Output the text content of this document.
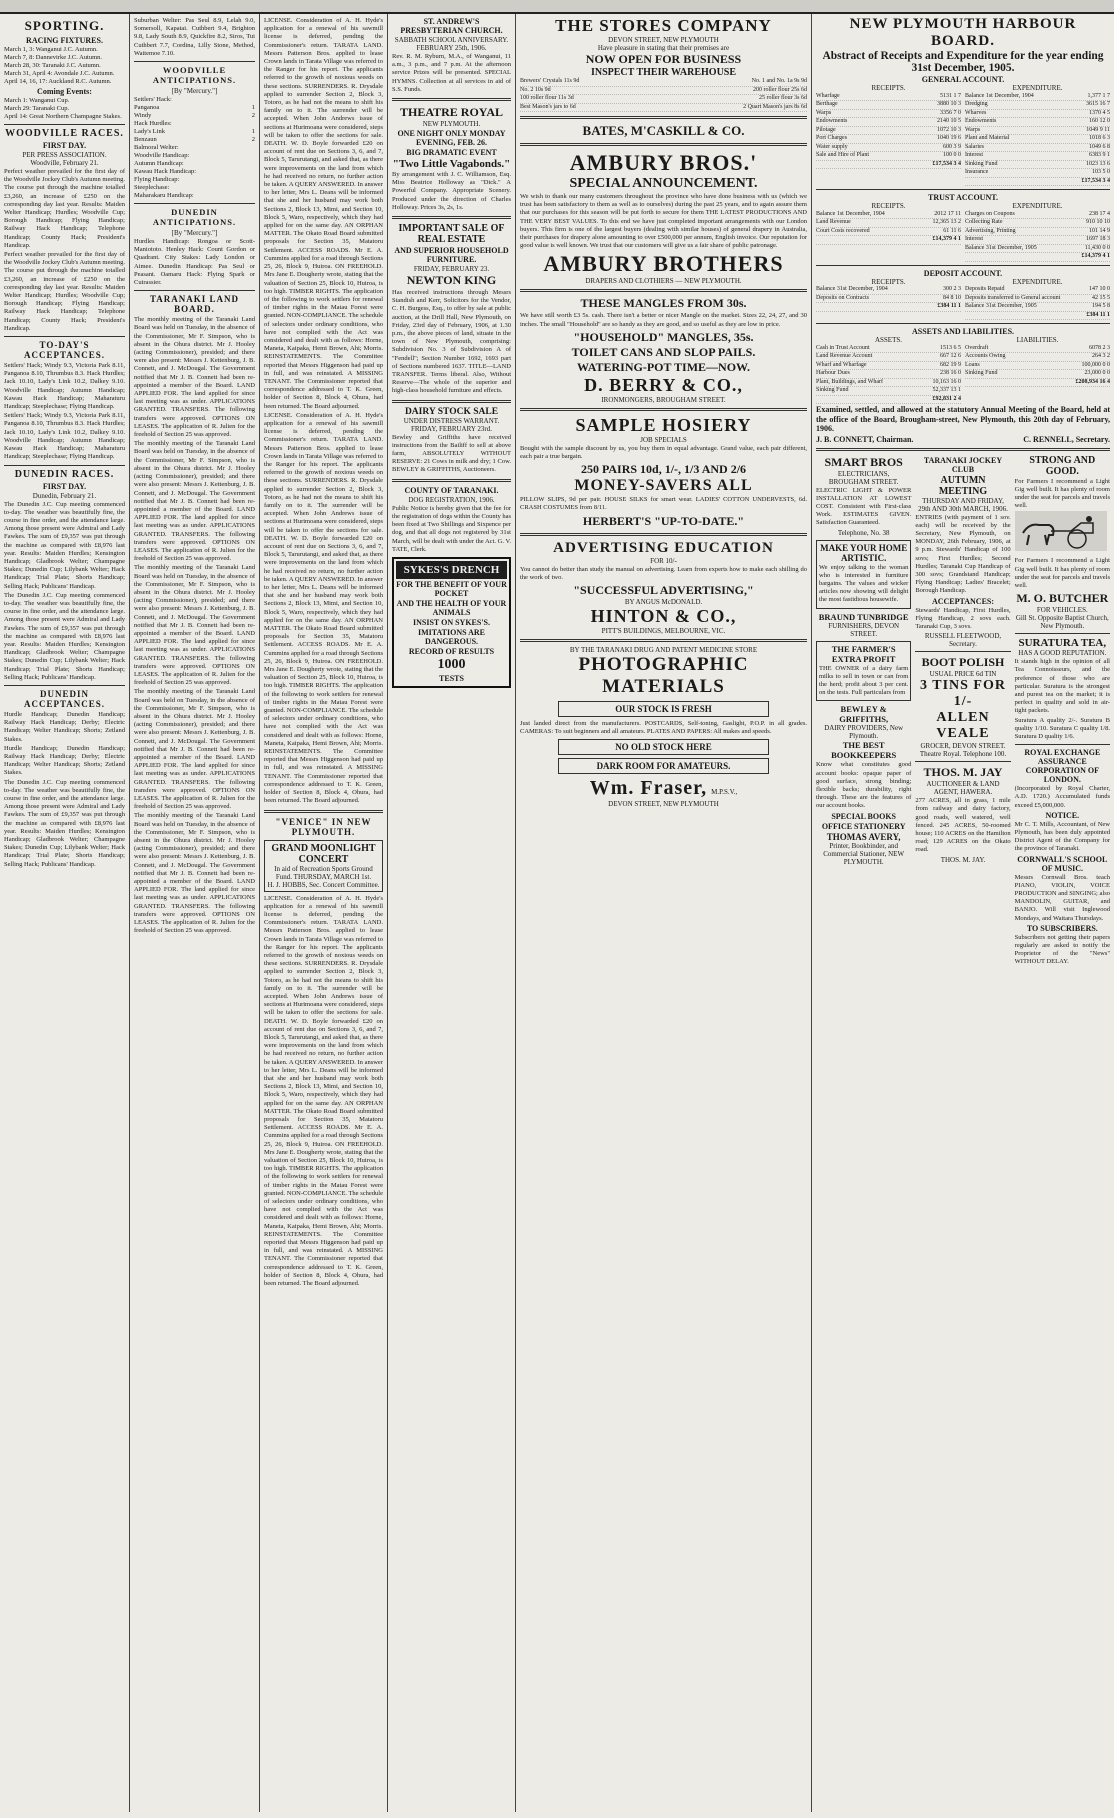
SPORTING.
RACING FIXTURES.
March 1, 3: Wanganui J.C. Autumn.
March 7, 8: Dannevirke J.C. Autumn.
March 28, 30: Taranaki J.C. Autumn.
March 31, April 4: Avondale J.C. Autumn.
April 14, 16, 17: Auckland R.C. Autumn.
Coming Events:
March 1: Wanganui Cup.
March 29: Taranaki Cup.
April 14: Great Northern Champagne Stakes.
WOODVILLE RACES.
FIRST DAY.
PER PRESS ASSOCIATION.
Woodville, February 21.

Perfect weather prevailed for the first day of the Woodville Jockey Club's Autumn meeting. The course put through the machine totalled £3,260, an increase of £250 on the corresponding day last year. Results: Maiden Welter Handicap; Hurdles; Woodville Cup; Borough Handicap; Flying Handicap; Railway Hack Handicap; Telephone Handicap; County Hack; President's Handicap.

Perfect weather prevailed for the first day of the Woodville Jockey Club's Autumn meeting. The course put through the machine totalled £3,260, an increase of £250 on the corresponding day last year. Results: Maiden Welter Handicap; Hurdles; Woodville Cup; Borough Handicap; Flying Handicap; Railway Hack Handicap; Telephone Handicap; County Hack; President's Handicap.

TO-DAY'S ACCEPTANCES.

Settlers' Hack; Windy 9.3, Victoria Park 8.11, Panganoa 8.10, Thrumbus 8.3. Hack Hurdles; Jack 10.10, Lady's Link 10.2, Dalkey 9.10. Woodville Handicap; Autumn Handicap; Kawau Hack Handicap; Maharaturu Handicap; Steeplechase; Flying Handicap.

Settlers' Hack; Windy 9.3, Victoria Park 8.11, Panganoa 8.10, Thrumbus 8.3. Hack Hurdles; Jack 10.10, Lady's Link 10.2, Dalkey 9.10. Woodville Handicap; Autumn Handicap; Kawau Hack Handicap; Maharaturu Handicap; Steeplechase; Flying Handicap.

DUNEDIN RACES.
FIRST DAY.
Dunedin, February 21.

The Dunedin J.C. Cup meeting commenced to-day. The weather was beautifully fine, the course in fine order, and the attendance large. Among those present were Admiral and Lady Fawkes. The sum of £9,357 was put through the machine as compared with £8,976 last year. Results: Maiden Hurdles; Kensington Handicap; Gladbrook Welter; Champagne Stakes; Dunedin Cup; Lilybank Welter; Hack Handicap; Trial Plate; Shorts Handicap; Selling Hack; Publicans' Handicap.

The Dunedin J.C. Cup meeting commenced to-day. The weather was beautifully fine, the course in fine order, and the attendance large. Among those present were Admiral and Lady Fawkes. The sum of £9,357 was put through the machine as compared with £8,976 last year. Results: Maiden Hurdles; Kensington Handicap; Gladbrook Welter; Champagne Stakes; Dunedin Cup; Lilybank Welter; Hack Handicap; Trial Plate; Shorts Handicap; Selling Hack; Publicans' Handicap.

DUNEDIN ACCEPTANCES.

Hurdle Handicap; Dunedin Handicap; Railway Hack Handicap; Derby; Electric Handicap; Welter Handicap; Shorts; Zetland Stakes.

Hurdle Handicap; Dunedin Handicap; Railway Hack Handicap; Derby; Electric Handicap; Welter Handicap; Shorts; Zetland Stakes.

The Dunedin J.C. Cup meeting commenced to-day. The weather was beautifully fine, the course in fine order, and the attendance large. Among those present were Admiral and Lady Fawkes. The sum of £9,357 was put through the machine as compared with £8,976 last year. Results: Maiden Hurdles; Kensington Handicap; Gladbrook Welter; Champagne Stakes; Dunedin Cup; Lilybank Welter; Hack Handicap; Trial Plate; Shorts Handicap; Selling Hack; Publicans' Handicap.

Suburban Welter: Pas Seul 8.9, Lelah 9.0, Somersoll, Kapatai. Cuthbert 9.4, Brighton 9.8, Lady South 8.9, Quickfire 8.2, Siros, Tui Cuthbert 7.7, Cordina, Lilly Stone, Method, Waitemoe 7.10.

WOODVILLE ANTICIPATIONS.
[By "Mercury."]
Settlers' Hack:
Panganoa	1
Windy	2
Hack Hurdles:
Lady's Link	1
Benzaun	2
Balmoral Welter:
Woodville Handicap:
Autumn Handicap:
Kawau Hack Handicap:
Flying Handicap:
Steeplechase:
Maharakaru Handicap:
DUNEDIN ANTICIPATIONS.
[By "Mercury."]

Hurdles Handicap: Rongoa or Scott-Maniototo. Henley Hack: Count Gordon or Quadrant. City Stakes: Lady London or Aimee. Dunedin Handicap: Pas Seul or Peasant. Oamaru Hack: Flying Spark or Cuirassier.

TARANAKI LAND BOARD.

The monthly meeting of the Taranaki Land Board was held on Tuesday, in the absence of the Commissioner, Mr F. Simpson, who is absent in the Ohura district. Mr J. Hooley (acting Commissioner), presided; and there were also present: Messrs J. Kettenburg, J. B. Connett, and J. McDougal. The Government notified that Mr J. B. Connett had been re-appointed a member of the Board. LAND APPLIED FOR. The land applied for since last meeting was as under. APPLICATIONS GRANTED. TRANSFERS. The following transfers were approved. OPTIONS ON LEASES. The application of R. Julien for the freehold of Section 25 was approved.

The monthly meeting of the Taranaki Land Board was held on Tuesday, in the absence of the Commissioner, Mr F. Simpson, who is absent in the Ohura district. Mr J. Hooley (acting Commissioner), presided; and there were also present: Messrs J. Kettenburg, J. B. Connett, and J. McDougal. The Government notified that Mr J. B. Connett had been re-appointed a member of the Board. LAND APPLIED FOR. The land applied for since last meeting was as under. APPLICATIONS GRANTED. TRANSFERS. The following transfers were approved. OPTIONS ON LEASES. The application of R. Julien for the freehold of Section 25 was approved.

The monthly meeting of the Taranaki Land Board was held on Tuesday, in the absence of the Commissioner, Mr F. Simpson, who is absent in the Ohura district. Mr J. Hooley (acting Commissioner), presided; and there were also present: Messrs J. Kettenburg, J. B. Connett, and J. McDougal. The Government notified that Mr J. B. Connett had been re-appointed a member of the Board. LAND APPLIED FOR. The land applied for since last meeting was as under. APPLICATIONS GRANTED. TRANSFERS. The following transfers were approved. OPTIONS ON LEASES. The application of R. Julien for the freehold of Section 25 was approved.

The monthly meeting of the Taranaki Land Board was held on Tuesday, in the absence of the Commissioner, Mr F. Simpson, who is absent in the Ohura district. Mr J. Hooley (acting Commissioner), presided; and there were also present: Messrs J. Kettenburg, J. B. Connett, and J. McDougal. The Government notified that Mr J. B. Connett had been re-appointed a member of the Board. LAND APPLIED FOR. The land applied for since last meeting was as under. APPLICATIONS GRANTED. TRANSFERS. The following transfers were approved. OPTIONS ON LEASES. The application of R. Julien for the freehold of Section 25 was approved.

The monthly meeting of the Taranaki Land Board was held on Tuesday, in the absence of the Commissioner, Mr F. Simpson, who is absent in the Ohura district. Mr J. Hooley (acting Commissioner), presided; and there were also present: Messrs J. Kettenburg, J. B. Connett, and J. McDougal. The Government notified that Mr J. B. Connett had been re-appointed a member of the Board. LAND APPLIED FOR. The land applied for since last meeting was as under. APPLICATIONS GRANTED. TRANSFERS. The following transfers were approved. OPTIONS ON LEASES. The application of R. Julien for the freehold of Section 25 was approved.

LICENSE. Consideration of A. H. Hyde's application for a renewal of his sawmill license is deferred, pending the Commissioner's return. TARATA LAND. Messrs Patterson Bros. applied to lease Crown lands in Tarata Village was referred to the Ranger for his report. The applicants referred to the growth of noxious weeds on these sections. SURRENDERS. R. Drysdale applied to surrender Section 2, Block 3, Totoro, as he had not the means to shift his family on to it. The surrender will be accepted. When John Andrews issue of sections at Hurimoana were considered, steps will be taken to offer the sections for sale. DEATH. W. D. Boyle forwarded £20 on account of rent due on Sections 3, 6, and 7, Block 5, Tarurutangi, and asked that, as there were improvements on the land from which he had received no return, no further action be taken. A QUERY ANSWERED. In answer to her letter, Mrs L. Deans will be informed that she and her husband may work both Sections 2, Block 13, Mimi, and Section 10, Block 5, Waro, respectively, which they had applied for on the same day. AN ORPHAN MATTER. The Okato Road Board submitted proposals for Section 35, Matatoru Settlement. ACCESS ROADS. Mr E. A. Cummins applied for a road through Sections 25, 26, Block 9, Huiroa. ON FREEHOLD. Mrs Jane E. Dougherty wrote, stating that the valuation of Section 25, Block 10, Huiroa, is too high. TIMBER RIGHTS. The application of the following to work settlers for renewal of timber rights in the Matau Forest were granted. NON-COMPLIANCE. The schedule of selectors under ordinary conditions, who have not complied with the Act was considered and dealt with as follows: Horne, Maneta, Kaipaka, Hemi Brown, Ahi; Morris. REINSTATEMENTS. The Committee reported that Messrs Higgenson had paid up in full, and was reinstated. A MISSING TENANT. The Commissioner reported that correspondence addressed to T. K. Green, holder of Section 8, Block 4, Ohura, had been returned. The Board adjourned.

LICENSE. Consideration of A. H. Hyde's application for a renewal of his sawmill license is deferred, pending the Commissioner's return. TARATA LAND. Messrs Patterson Bros. applied to lease Crown lands in Tarata Village was referred to the Ranger for his report. The applicants referred to the growth of noxious weeds on these sections. SURRENDERS. R. Drysdale applied to surrender Section 2, Block 3, Totoro, as he had not the means to shift his family on to it. The surrender will be accepted. When John Andrews issue of sections at Hurimoana were considered, steps will be taken to offer the sections for sale. DEATH. W. D. Boyle forwarded £20 on account of rent due on Sections 3, 6, and 7, Block 5, Tarurutangi, and asked that, as there were improvements on the land from which he had received no return, no further action be taken. A QUERY ANSWERED. In answer to her letter, Mrs L. Deans will be informed that she and her husband may work both Sections 2, Block 13, Mimi, and Section 10, Block 5, Waro, respectively, which they had applied for on the same day. AN ORPHAN MATTER. The Okato Road Board submitted proposals for Section 35, Matatoru Settlement. ACCESS ROADS. Mr E. A. Cummins applied for a road through Sections 25, 26, Block 9, Huiroa. ON FREEHOLD. Mrs Jane E. Dougherty wrote, stating that the valuation of Section 25, Block 10, Huiroa, is too high. TIMBER RIGHTS. The application of the following to work settlers for renewal of timber rights in the Matau Forest were granted. NON-COMPLIANCE. The schedule of selectors under ordinary conditions, who have not complied with the Act was considered and dealt with as follows: Horne, Maneta, Kaipaka, Hemi Brown, Ahi; Morris. REINSTATEMENTS. The Committee reported that Messrs Higgenson had paid up in full, and was reinstated. A MISSING TENANT. The Commissioner reported that correspondence addressed to T. K. Green, holder of Section 8, Block 4, Ohura, had been returned. The Board adjourned.

"VENICE" IN NEW PLYMOUTH.
GRAND MOONLIGHT CONCERT
In aid of Recreation Sports Ground Fund. THURSDAY, MARCH 1st.
H. J. HOBBS, Sec. Concert Committee.

LICENSE. Consideration of A. H. Hyde's application for a renewal of his sawmill license is deferred, pending the Commissioner's return. TARATA LAND. Messrs Patterson Bros. applied to lease Crown lands in Tarata Village was referred to the Ranger for his report. The applicants referred to the growth of noxious weeds on these sections. SURRENDERS. R. Drysdale applied to surrender Section 2, Block 3, Totoro, as he had not the means to shift his family on to it. The surrender will be accepted. When John Andrews issue of sections at Hurimoana were considered, steps will be taken to offer the sections for sale. DEATH. W. D. Boyle forwarded £20 on account of rent due on Sections 3, 6, and 7, Block 5, Tarurutangi, and asked that, as there were improvements on the land from which he had received no return, no further action be taken. A QUERY ANSWERED. In answer to her letter, Mrs L. Deans will be informed that she and her husband may work both Sections 2, Block 13, Mimi, and Section 10, Block 5, Waro, respectively, which they had applied for on the same day. AN ORPHAN MATTER. The Okato Road Board submitted proposals for Section 35, Matatoru Settlement. ACCESS ROADS. Mr E. A. Cummins applied for a road through Sections 25, 26, Block 9, Huiroa. ON FREEHOLD. Mrs Jane E. Dougherty wrote, stating that the valuation of Section 25, Block 10, Huiroa, is too high. TIMBER RIGHTS. The application of the following to work settlers for renewal of timber rights in the Matau Forest were granted. NON-COMPLIANCE. The schedule of selectors under ordinary conditions, who have not complied with the Act was considered and dealt with as follows: Horne, Maneta, Kaipaka, Hemi Brown, Ahi; Morris. REINSTATEMENTS. The Committee reported that Messrs Higgenson had paid up in full, and was reinstated. A MISSING TENANT. The Commissioner reported that correspondence addressed to T. K. Green, holder of Section 8, Block 4, Ohura, had been returned. The Board adjourned.

ST. ANDREW'S PRESBYTERIAN CHURCH.
SABBATH SCHOOL ANNIVERSARY.
FEBRUARY 25th, 1906.

Rev. R. M. Ryburn, M.A., of Wanganui, 11 a.m., 3 p.m., and 7 p.m. At the afternoon service Prizes will be presented. SPECIAL HYMNS. Collection at all services in aid of S.S. Funds.

THEATRE ROYAL
NEW PLYMOUTH.
ONE NIGHT ONLY MONDAY EVENING, FEB. 26.
BIG DRAMATIC EVENT
"Two Little Vagabonds."

By arrangement with J. C. Williamson, Esq. Miss Beatrice Holloway as "Dick." A Powerful Company. Appropriate Scenery. Produced under the direction of Charles Holloway. Prices 3s, 2s, 1s.

IMPORTANT SALE OF REAL ESTATE
AND SUPERIOR HOUSEHOLD FURNITURE.
FRIDAY, FEBRUARY 23.
NEWTON KING

Has received instructions through Messrs Standish and Kerr, Solicitors for the Vendor, C. H. Burgess, Esq., to offer by sale at public auction, at the Drill Hall, New Plymouth, on Friday, 23rd day of February, 1906, at 1.30 p.m., the above pieces of land, situate in the town of New Plymouth, comprising: Subdivision No. 3 of Subdivision A of "Fendell"; Section Number 1692, 1693 part of Sections numbered 1637. TITLE—LAND TRANSFER. Terms liberal. Also, Without Reserve—The whole of the superior and high-class household furniture and effects.

DAIRY STOCK SALE
UNDER DISTRESS WARRANT.
FRIDAY, FEBRUARY 23rd.

Bewley and Griffiths have received instructions from the Bailiff to sell at above farm, ABSOLUTELY WITHOUT RESERVE: 21 Cows in milk and dry; 1 Cow. BEWLEY & GRIFFITHS, Auctioneers.

COUNTY OF TARANAKI.
DOG REGISTRATION, 1906.

Public Notice is hereby given that the fee for the registration of dogs within the County has been fixed at Two Shillings and Sixpence per dog, and that all dogs not registered by 31st March, will be dealt with under the Act. G. V. TATE, Clerk.

SYKES'S DRENCH
FOR THE BENEFIT OF YOUR POCKET
AND THE HEALTH OF YOUR ANIMALS
INSIST ON SYKES'S.
IMITATIONS ARE DANGEROUS.
RECORD OF RESULTS
1000
TESTS
THE STORES COMPANY
DEVON STREET, NEW PLYMOUTH
Have pleasure in stating that their premises are
NOW OPEN FOR BUSINESS
INSPECT THEIR WAREHOUSE
Brewers' Crystals 11s 9d	No. 1 and No. 1a 9s 9d
No. 2 10s 9d	200 roller flour 25s 6d
100 roller flour 11s 3d	25 roller flour 3s 6d
Best Mason's jars to 6d	2 Quart Mason's jars 8s 6d
BATES, M'CASKILL & CO.
AMBURY BROS.'
SPECIAL ANNOUNCEMENT.

We wish to thank our many customers throughout the province who have done business with us (which we trust has been satisfactory to them as well as to ourselves) during the past 25 years, and to again assure them that our purchases for this season will be put forth to secure for them THE LATEST PRODUCTIONS AND THE VERY BEST VALUES. To this end we have just completed important arrangements with our London buyers. This firm is one of the largest buyers (dealing with similar houses) of general drapery in Australia, their purchases for drapery alone amounting to over £500,000 per annum, English invoice. Our reputation for good value is well known. We trust that our customers will give us a fair share of public patronage.

AMBURY BROTHERS
DRAPERS AND CLOTHIERS — NEW PLYMOUTH.
THESE MANGLES FROM 30s.

We have still worth £3 5s. cash. There isn't a better or nicer Mangle on the market. Sizes 22, 24, 27, and 30 inches. The small "Household" are so handy as they are good, and so useful as they are low in price.

"HOUSEHOLD" MANGLES, 35s.
TOILET CANS AND SLOP PAILS.
WATERING-POT TIME—NOW.
D. BERRY & CO.,
IRONMONGERS, BROUGHAM STREET.
SAMPLE HOSIERY
JOB SPECIALS

Bought with the sample discount by us, you buy them in equal advantage. Grand value, each pair different, each pair a true bargain.

250 PAIRS 10d, 1/-, 1/3 AND 2/6
MONEY-SAVERS ALL

PILLOW SLIPS, 9d per pair. HOUSE SILKS for smart wear. LADIES' COTTON UNDERVESTS, 6d. CRASH COSTUMES from 8/11.

HERBERT'S "UP-TO-DATE."
ADVERTISING EDUCATION
FOR 10/-

You cannot do better than study the manual on advertising. Learn from experts how to make each shilling do the work of two.

"SUCCESSFUL ADVERTISING,"
BY ANGUS McDONALD.
HINTON & CO.,
PITT'S BUILDINGS, MELBOURNE, VIC.
BY THE TARANAKI DRUG AND PATENT MEDICINE STORE
PHOTOGRAPHIC MATERIALS
OUR STOCK IS FRESH

Just landed direct from the manufacturers. POSTCARDS, Self-toning, Gaslight, P.O.P. in all grades. CAMERAS: To suit beginners and all amateurs. PLATES AND PAPERS: All makes and speeds.

NO OLD STOCK HERE
DARK ROOM FOR AMATEURS.
Wm. Fraser, M.P.S.V.,
DEVON STREET, NEW PLYMOUTH
NEW PLYMOUTH HARBOUR BOARD.
Abstract of Receipts and Expenditure for the year ending 31st December, 1905.
GENERAL ACCOUNT.
RECEIPTS.
Wharfage	5131 1 7
Berthage	3880 10 3
Warps	3356 7 0
Endowments	2140 10 5
Pilotage	1072 10 3
Port Charges	1040 19 6
Water supply	600 3 9
Sale and Hire of Plant	100 0 0
£17,534 3 4
EXPENDITURE.
Balance 1st December, 1904	1,377 1 7
Dredging	3615 16 7
Wharves	1370 4 5
Endowments	160 12 0
Warps	1049 9 11
Plant and Material	1018 6 3
Salaries	1049 6 8
Interest	6383 9 1
Sinking Fund	1023 13 6
Insurance	103 5 0
£17,534 3 4
TRUST ACCOUNT.
RECEIPTS.
Balance 1st December, 1904	2012 17 11
Land Revenue	12,365 13 2
Court Costs recovered	61 11 6
£14,379 4 1
EXPENDITURE.
Charges on Coupons	238 17 4
Collecting Rate	910 10 10
Advertising, Printing	101 14 9
Interest	1697 18 3
Balance 31st December, 1905	11,430 0 0
£14,379 4 1
DEPOSIT ACCOUNT.
RECEIPTS.
Balance 31st December, 1904	300 2 3
Deposits on Contracts	84 8 10
£384 11 1
EXPENDITURE.
Deposits Repaid	147 10 0
Deposits transferred to General account	42 15 5
Balance 31st December, 1905	194 5 8
£384 11 1
ASSETS AND LIABILITIES.
ASSETS.
Cash in Trust Account	1513 6 5
Land Revenue Account	667 12 6
Wharf and Wharfage	682 19 9
Harbour Dues	238 16 0
Plant, Buildings, and Wharf	10,163 16 0
Sinking Fund	52,337 13 1
£92,831 2 4
LIABILITIES.
Overdraft	6078 2 3
Accounts Owing	264 3 2
Loans	100,000 0 0
Sinking Fund	23,000 0 0
£208,934 16 4

Examined, settled, and allowed at the statutory Annual Meeting of the Board, held at the office of the Board, Brougham-street, New Plymouth, this 20th day of February, 1906.

J. B. CONNETT, Chairman.	C. RENNELL, Secretary.
SMART BROS
ELECTRICIANS,
BROUGHAM STREET.

ELECTRIC LIGHT & POWER INSTALLATION AT LOWEST COST. Consistent with First-class Work. ESTIMATES GIVEN. Satisfaction Guaranteed.

Telephone, No. 38
MAKE YOUR HOME ARTISTIC.

We enjoy talking to the woman who is interested in furniture bargains. The values and wicker articles now showing will delight the most fastidious housewife.

BRAUND TUNBRIDGE
FURNISHERS, DEVON STREET.
THE FARMER'S EXTRA PROFIT

THE OWNER of a dairy farm milks to sell in town or can from the herd; profit about 3 per cent. on the tests. Full particulars from

BEWLEY & GRIFFITHS,
DAIRY PROVIDERS, New Plymouth.
THE BEST BOOKKEEPERS

Know what constitutes good account books: opaque paper of good surface, strong binding; flexible backs; durability, right through. These are the features of our account books.

SPECIAL BOOKS
OFFICE STATIONERY
THOMAS AVERY,
Printer, Bookbinder, and Commercial Stationer, NEW PLYMOUTH.
TARANAKI JOCKEY CLUB
AUTUMN MEETING
THURSDAY AND FRIDAY, 29th AND 30th MARCH, 1906.

ENTRIES (with payment of 1 sov. each) will be received by the Secretary, New Plymouth, on MONDAY, 26th February, 1906, at 9 p.m. Stewards' Handicap of 100 sovs; First Hurdles; Second Hurdles; Taranaki Cup Handicap of 300 sovs; Grandstand Handicap; Flying Handicap; Ladies' Bracelet; Borough Handicap.

ACCEPTANCES:

Stewards' Handicap, First Hurdles, Flying Handicap, 2 sovs each. Taranaki Cup, 3 sovs.

RUSSELL FLEETWOOD, Secretary.
BOOT POLISH
USUAL PRICE 6d TIN
3 TINS FOR 1/-
ALLEN VEALE
GROCER, DEVON STREET. Theatre Royal. Telephone 100.
THOS. M. JAY
AUCTIONEER & LAND AGENT, HAWERA.

277 ACRES, all in grass, 1 mile from railway and dairy factory, good roads, well watered, well fenced. 245 ACRES, 50-roomed house; 110 ACRES on the Hamilton road; 129 ACRES on the Okato road.

THOS. M. JAY.
STRONG AND GOOD.

For Farmers I recommend a Light Gig well built. It has plenty of room under the seat for parcels and travels well.

For Farmers I recommend a Light Gig well built. It has plenty of room under the seat for parcels and travels well.

M. O. BUTCHER
FOR VEHICLES.
Gill St. Opposite Baptist Church, New Plymouth.
SURATURA TEA,
HAS A GOOD REPUTATION.

It stands high in the opinion of all Tea Connoisseurs, and the preference of those who are particular. Suratura is the strongest and purest tea on the market; it is perfect in quality and sold in air-tight packets.

Suratura A quality 2/-. Suratura B quality 1/10. Suratura C quality 1/8. Suratura D quality 1/6.

ROYAL EXCHANGE ASSURANCE CORPORATION OF LONDON.

(Incorporated by Royal Charter, A.D. 1720.) Accumulated funds exceed £5,000,000.

NOTICE.

Mr C. T. Mills, Accountant, of New Plymouth, has been duly appointed District Agent of the Company for the province of Taranaki.

CORNWALL'S SCHOOL OF MUSIC.

Messrs Cornwall Bros. teach PIANO, VIOLIN, VOICE PRODUCTION and SINGING; also MANDOLIN, GUITAR, and BANJO. Will visit Inglewood Mondays, and Waitara Thursdays.

TO SUBSCRIBERS.

Subscribers not getting their papers regularly are asked to notify the Proprietor of the "News" WITHOUT DELAY.
